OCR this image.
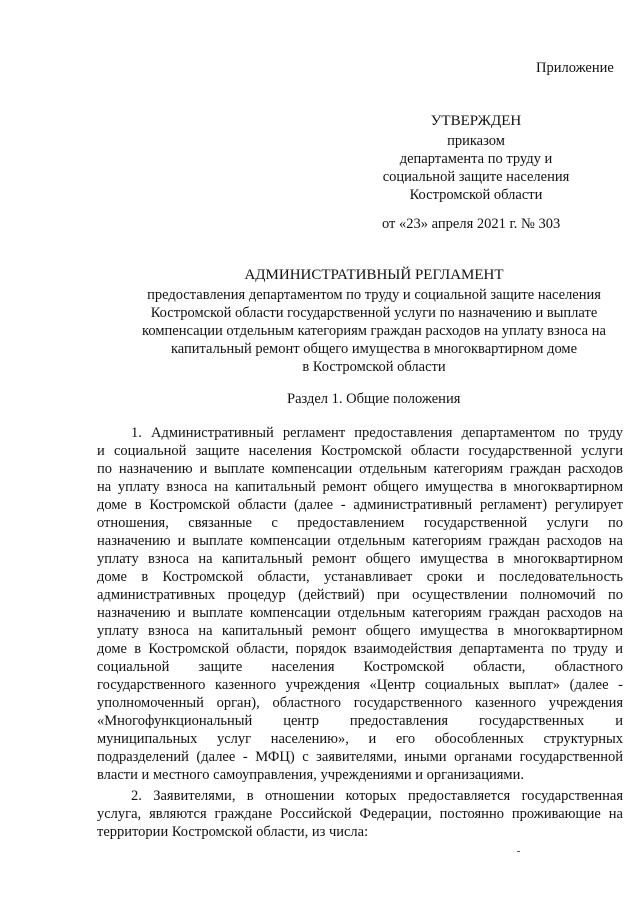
Приложение
УТВЕРЖДЕН
приказом
департамента по труду и
социальной защите населения
Костромской области
от «23» апреля 2021 г. № 303
АДМИНИСТРАТИВНЫЙ РЕГЛАМЕНТ
предоставления департаментом по труду и социальной защите населения
Костромской области государственной услуги по назначению и выплате
компенсации отдельным категориям граждан расходов на уплату взноса на
капитальный ремонт общего имущества в многоквартирном доме
в Костромской области
Раздел 1. Общие положения
1. Административный регламент предоставления департаментом по труду
и социальной защите населения Костромской области государственной услуги
по назначению и выплате компенсации отдельным категориям граждан расходов
на уплату взноса на капитальный ремонт общего имущества в многоквартирном
доме в Костромской области (далее - административный регламент) регулирует
отношения, связанные с предоставлением государственной услуги по
назначению и выплате компенсации отдельным категориям граждан расходов на
уплату взноса на капитальный ремонт общего имущества в многоквартирном
доме в Костромской области, устанавливает сроки и последовательность
административных процедур (действий) при осуществлении полномочий по
назначению и выплате компенсации отдельным категориям граждан расходов на
уплату взноса на капитальный ремонт общего имущества в многоквартирном
доме в Костромской области, порядок взаимодействия департамента по труду и
социальной защите населения Костромской области, областного
государственного казенного учреждения «Центр социальных выплат» (далее -
уполномоченный орган), областного государственного казенного учреждения
«Многофункциональный центр предоставления государственных и
муниципальных услуг населению», и его обособленных структурных
подразделений (далее - МФЦ) с заявителями, иными органами государственной
власти и местного самоуправления, учреждениями и организациями.
2. Заявителями, в отношении которых предоставляется государственная
услуга, являются граждане Российской Федерации, постоянно проживающие на
территории Костромской области, из числа:
